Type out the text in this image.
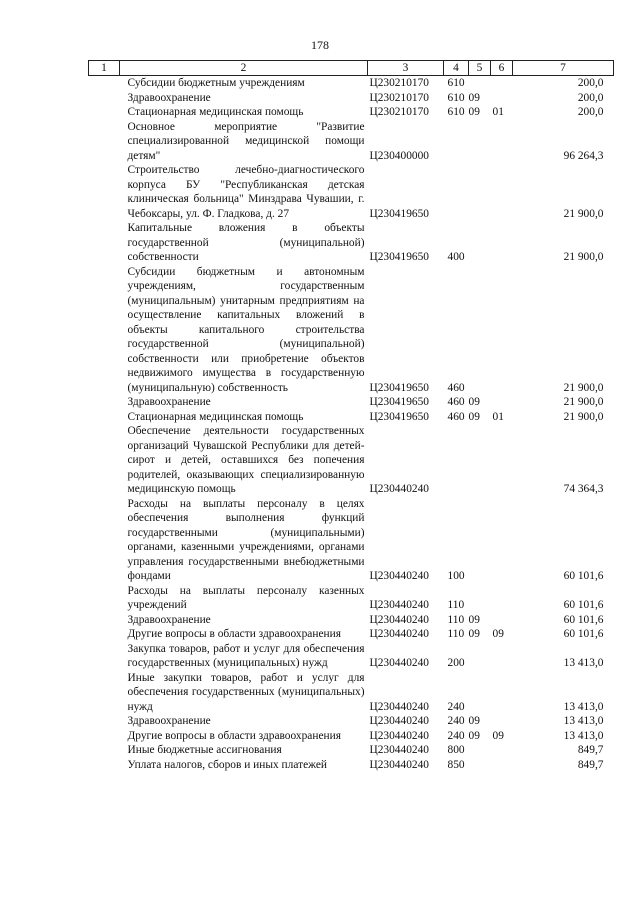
178
1	2	3	4	5	6	7
	Субсидии бюджетным учреждениям	Ц230210170	610			200,0
	Здравоохранение	Ц230210170	610	09		200,0
	Стационарная медицинская помощь	Ц230210170	610	09	01	200,0
	Основное мероприятие "Развитие специализированной медицинской помощи детям"	Ц230400000				96 264,3
	Строительство лечебно-диагностического корпуса БУ "Республиканская детская клиническая больница" Минздрава Чувашии, г. Чебоксары, ул. Ф. Гладкова, д. 27	Ц230419650				21 900,0
	Капитальные вложения в объекты государственной (муниципальной) собственности	Ц230419650	400			21 900,0
	Субсидии бюджетным и автономным учреждениям, государственным (муниципальным) унитарным предприятиям на осуществление капитальных вложений в объекты капитального строительства государственной (муниципальной) собственности или приобретение объектов недвижимого имущества в государственную (муниципальную) собственность	Ц230419650	460			21 900,0
	Здравоохранение	Ц230419650	460	09		21 900,0
	Стационарная медицинская помощь	Ц230419650	460	09	01	21 900,0
	Обеспечение деятельности государственных организаций Чувашской Республики для детей-сирот и детей, оставшихся без попечения родителей, оказывающих специализированную медицинскую помощь	Ц230440240				74 364,3
	Расходы на выплаты персоналу в целях обеспечения выполнения функций государственными (муниципальными) органами, казенными учреждениями, органами управления государственными внебюджетными фондами	Ц230440240	100			60 101,6
	Расходы на выплаты персоналу казенных учреждений	Ц230440240	110			60 101,6
	Здравоохранение	Ц230440240	110	09		60 101,6
	Другие вопросы в области здравоохранения	Ц230440240	110	09	09	60 101,6
	Закупка товаров, работ и услуг для обеспечения государственных (муниципальных) нужд	Ц230440240	200			13 413,0
	Иные закупки товаров, работ и услуг для обеспечения государственных (муниципальных) нужд	Ц230440240	240			13 413,0
	Здравоохранение	Ц230440240	240	09		13 413,0
	Другие вопросы в области здравоохранения	Ц230440240	240	09	09	13 413,0
	Иные бюджетные ассигнования	Ц230440240	800			849,7
	Уплата налогов, сборов и иных платежей	Ц230440240	850			849,7
